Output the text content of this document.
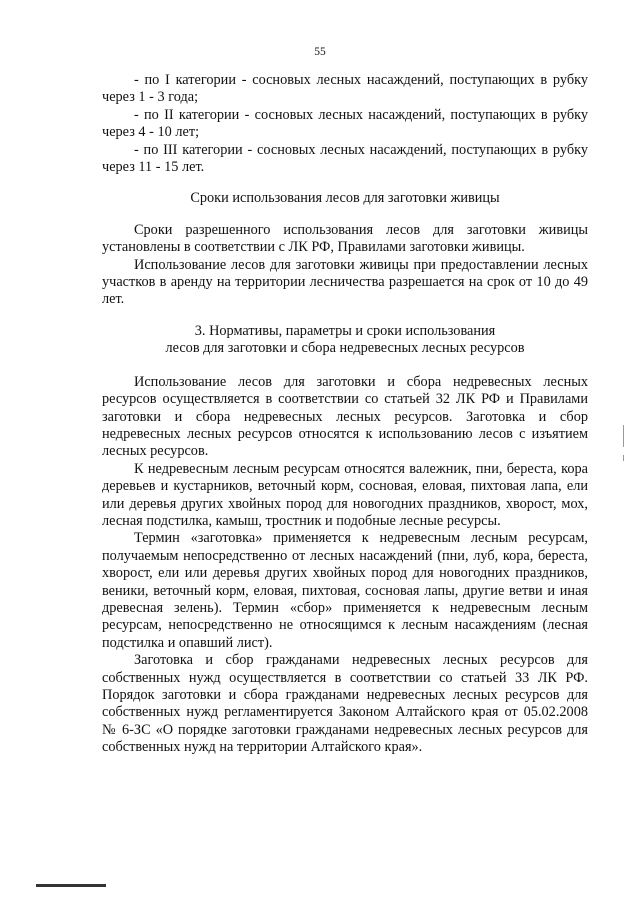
55

- по I категории - сосновых лесных насаждений, поступающих в рубку через 1 - 3 года;

- по II категории - сосновых лесных насаждений, поступающих в рубку через 4 - 10 лет;

- по III категории - сосновых лесных насаждений, поступающих в рубку через 11 - 15 лет.

Сроки использования лесов для заготовки живицы

Сроки разрешенного использования лесов для заготовки живицы установлены в соответствии с ЛК РФ, Правилами заготовки живицы.

Использование лесов для заготовки живицы при предоставлении лесных участков в аренду на территории лесничества разрешается на срок от 10 до 49 лет.

3. Нормативы, параметры и сроки использования
лесов для заготовки и сбора недревесных лесных ресурсов

Использование лесов для заготовки и сбора недревесных лесных ресурсов осуществляется в соответствии со статьей 32 ЛК РФ и Правилами заготовки и сбора недревесных лесных ресурсов. Заготовка и сбор недревесных лесных ресурсов относятся к использованию лесов с изъятием лесных ресурсов.

К недревесным лесным ресурсам относятся валежник, пни, береста, кора деревьев и кустарников, веточный корм, сосновая, еловая, пихтовая лапа, ели или деревья других хвойных пород для новогодних праздников, хворост, мох, лесная подстилка, камыш, тростник и подобные лесные ресурсы.

Термин «заготовка» применяется к недревесным лесным ресурсам, получаемым непосредственно от лесных насаждений (пни, луб, кора, береста, хворост, ели или деревья других хвойных пород для новогодних праздников, веники, веточный корм, еловая, пихтовая, сосновая лапы, другие ветви и иная древесная зелень). Термин «сбор» применяется к недревесным лесным ресурсам, непосредственно не относящимся к лесным насаждениям (лесная подстилка и опавший лист).

Заготовка и сбор гражданами недревесных лесных ресурсов для собственных нужд осуществляется в соответствии со статьей 33 ЛК РФ. Порядок заготовки и сбора гражданами недревесных лесных ресурсов для собственных нужд регламентируется Законом Алтайского края от 05.02.2008 № 6-ЗС «О порядке заготовки гражданами недревесных лесных ресурсов для собственных нужд на территории Алтайского края».
